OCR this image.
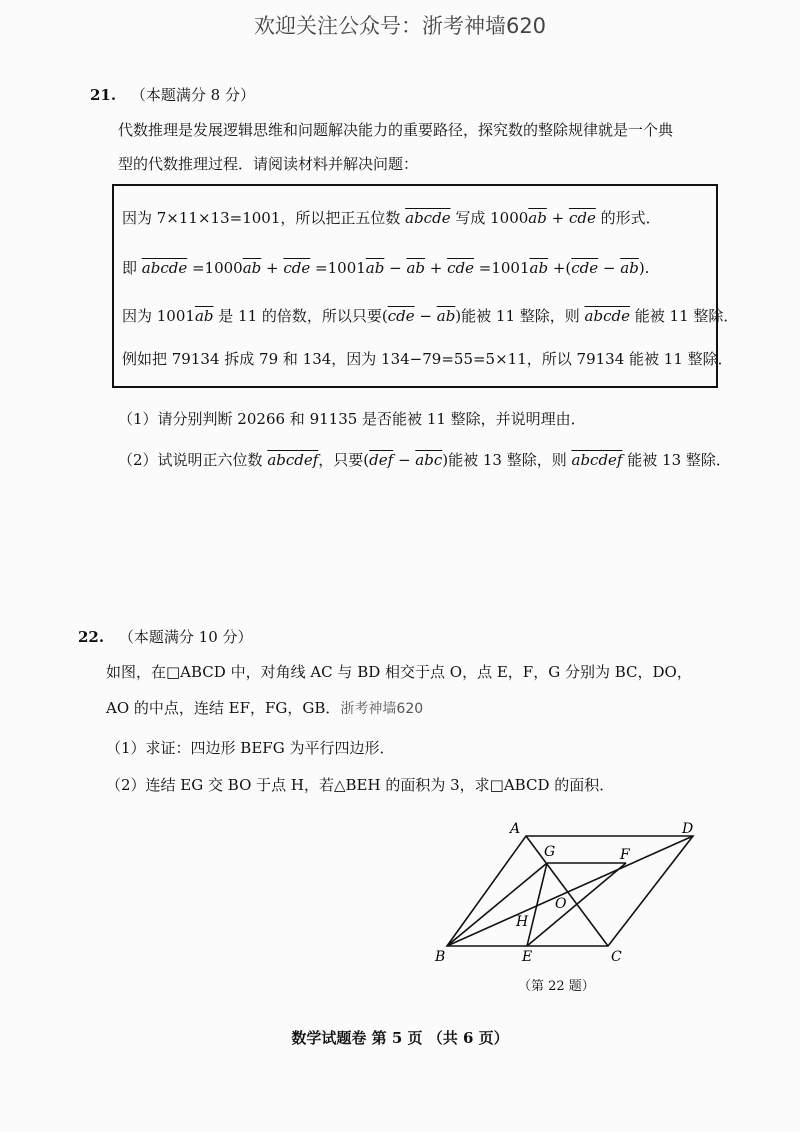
欢迎关注公众号：浙考神墙620
21. （本题满分 8 分）
代数推理是发展逻辑思维和问题解决能力的重要路径，探究数的整除规律就是一个典
型的代数推理过程．请阅读材料并解决问题：
因为 7×11×13=1001，所以把正五位数 abcde 写成 $1000\overline{ab} + \overline{cde}$ 的形式．
即 abcde $=1000\overline{ab} + \overline{cde} =1001\overline{ab} - \overline{ab} + \overline{cde} =1001\overline{ab} +(\overline{cde} - \overline{ab})$.
因为 $1001\overline{ab}$ 是 11 的倍数，所以只要$(\overline{cde} - \overline{ab})$能被 11 整除，则 abcde 能被 11 整除．
例如把 79134 拆成 79 和 134，因为 134−79=55=5×11，所以 79134 能被 11 整除．
（1）请分别判断 20266 和 91135 是否能被 11 整除，并说明理由．
（2）试说明正六位数 abcdef，只要$(\overline{def} - \overline{abc})$能被 13 整除，则 abcdef 能被 13 整除．
22. （本题满分 10 分）
如图，在□ABCD 中，对角线 AC 与 BD 相交于点 O，点 E，F，G 分别为 BC，DO，
AO 的中点，连结 EF，FG，GB．浙考神墙620
（1）求证：四边形 BEFG 为平行四边形．
（2）连结 EG 交 BO 于点 H，若△BEH 的面积为 3，求□ABCD 的面积．
A	D
G	F
O
H
B	E	C
（第 22 题）
数学试题卷 第 5 页 （共 6 页）
